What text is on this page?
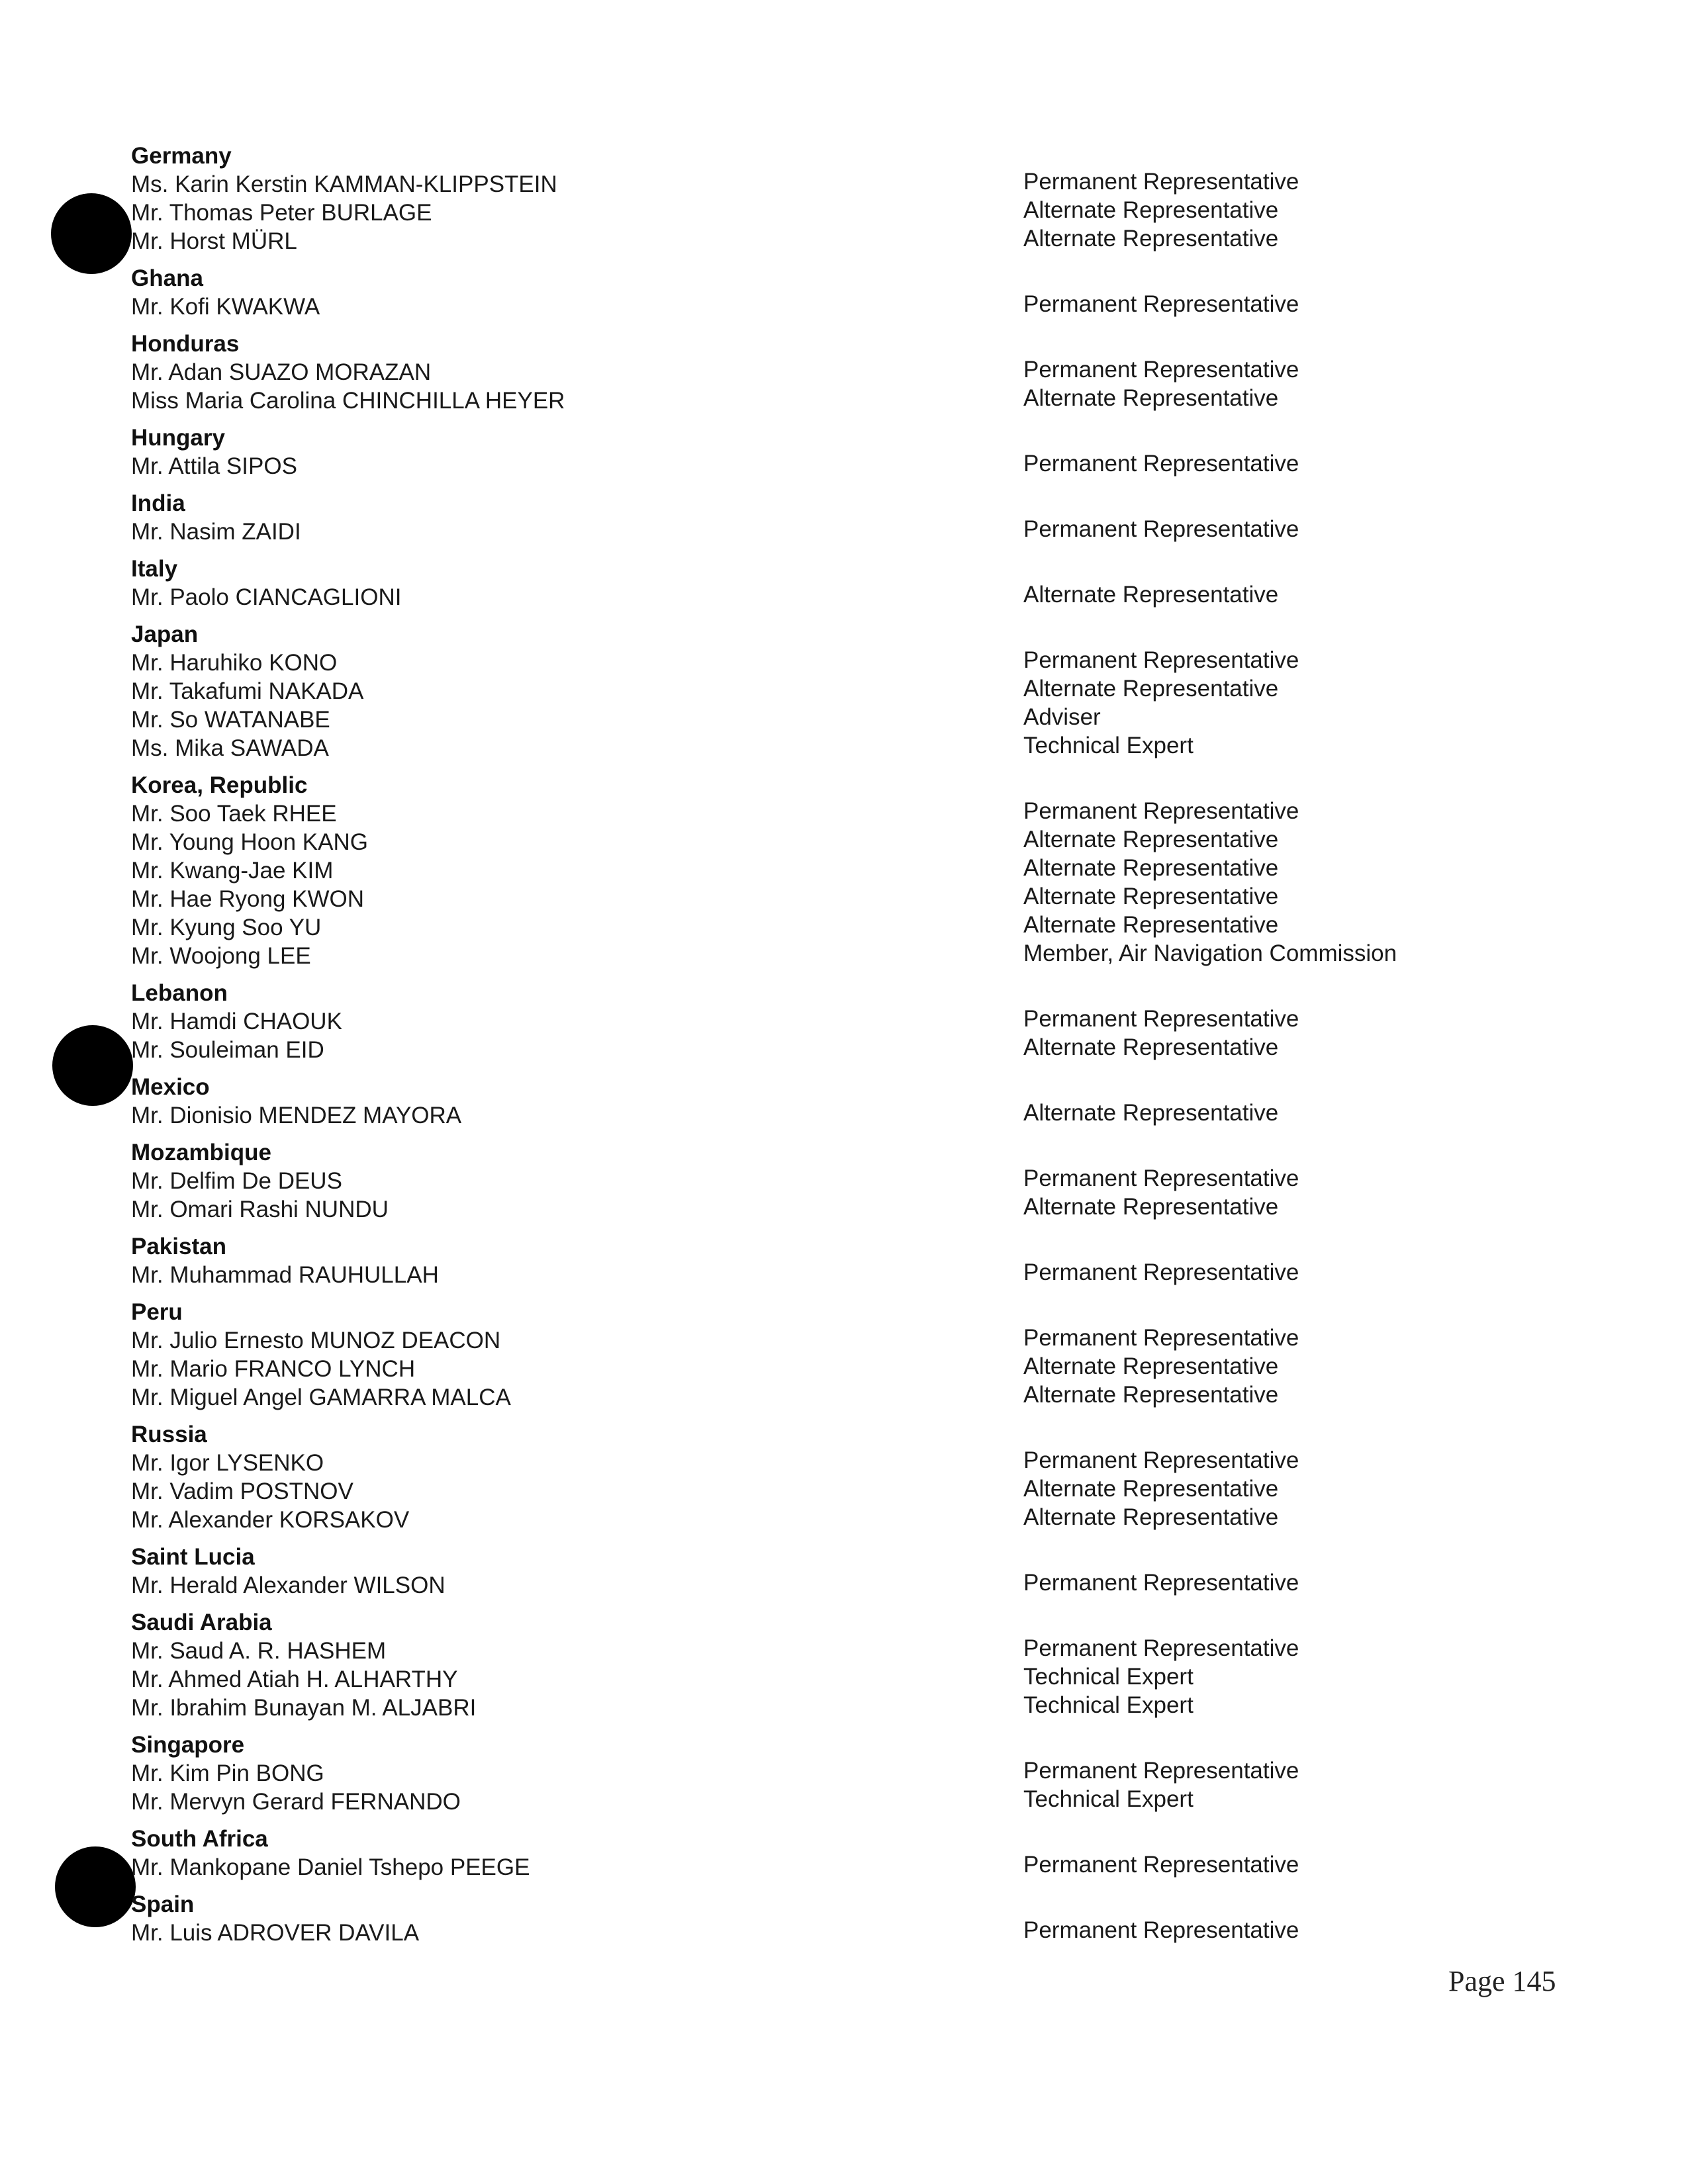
Germany
Ms. Karin Kerstin KAMMAN-KLIPPSTEIN	Permanent Representative
Mr. Thomas Peter BURLAGE	Alternate Representative
Mr. Horst MÜRL	Alternate Representative
Ghana
Mr. Kofi KWAKWA	Permanent Representative
Honduras
Mr. Adan SUAZO MORAZAN	Permanent Representative
Miss Maria Carolina CHINCHILLA HEYER	Alternate Representative
Hungary
Mr. Attila SIPOS	Permanent Representative
India
Mr. Nasim ZAIDI	Permanent Representative
Italy
Mr. Paolo CIANCAGLIONI	Alternate Representative
Japan
Mr. Haruhiko KONO	Permanent Representative
Mr. Takafumi NAKADA	Alternate Representative
Mr. So WATANABE	Adviser
Ms. Mika SAWADA	Technical Expert
Korea, Republic
Mr. Soo Taek RHEE	Permanent Representative
Mr. Young Hoon KANG	Alternate Representative
Mr. Kwang-Jae KIM	Alternate Representative
Mr. Hae Ryong KWON	Alternate Representative
Mr. Kyung Soo YU	Alternate Representative
Mr. Woojong LEE	Member, Air Navigation Commission
Lebanon
Mr. Hamdi CHAOUK	Permanent Representative
Mr. Souleiman EID	Alternate Representative
Mexico
Mr. Dionisio MENDEZ MAYORA	Alternate Representative
Mozambique
Mr. Delfim De DEUS	Permanent Representative
Mr. Omari Rashi NUNDU	Alternate Representative
Pakistan
Mr. Muhammad RAUHULLAH	Permanent Representative
Peru
Mr. Julio Ernesto MUNOZ DEACON	Permanent Representative
Mr. Mario FRANCO LYNCH	Alternate Representative
Mr. Miguel Angel GAMARRA MALCA	Alternate Representative
Russia
Mr. Igor LYSENKO	Permanent Representative
Mr. Vadim POSTNOV	Alternate Representative
Mr. Alexander KORSAKOV	Alternate Representative
Saint Lucia
Mr. Herald Alexander WILSON	Permanent Representative
Saudi Arabia
Mr. Saud A. R. HASHEM	Permanent Representative
Mr. Ahmed Atiah H. ALHARTHY	Technical Expert
Mr. Ibrahim Bunayan M. ALJABRI	Technical Expert
Singapore
Mr. Kim Pin BONG	Permanent Representative
Mr. Mervyn Gerard FERNANDO	Technical Expert
South Africa
Mr. Mankopane Daniel Tshepo PEEGE	Permanent Representative
Spain
Mr. Luis ADROVER DAVILA	Permanent Representative
Page 145
